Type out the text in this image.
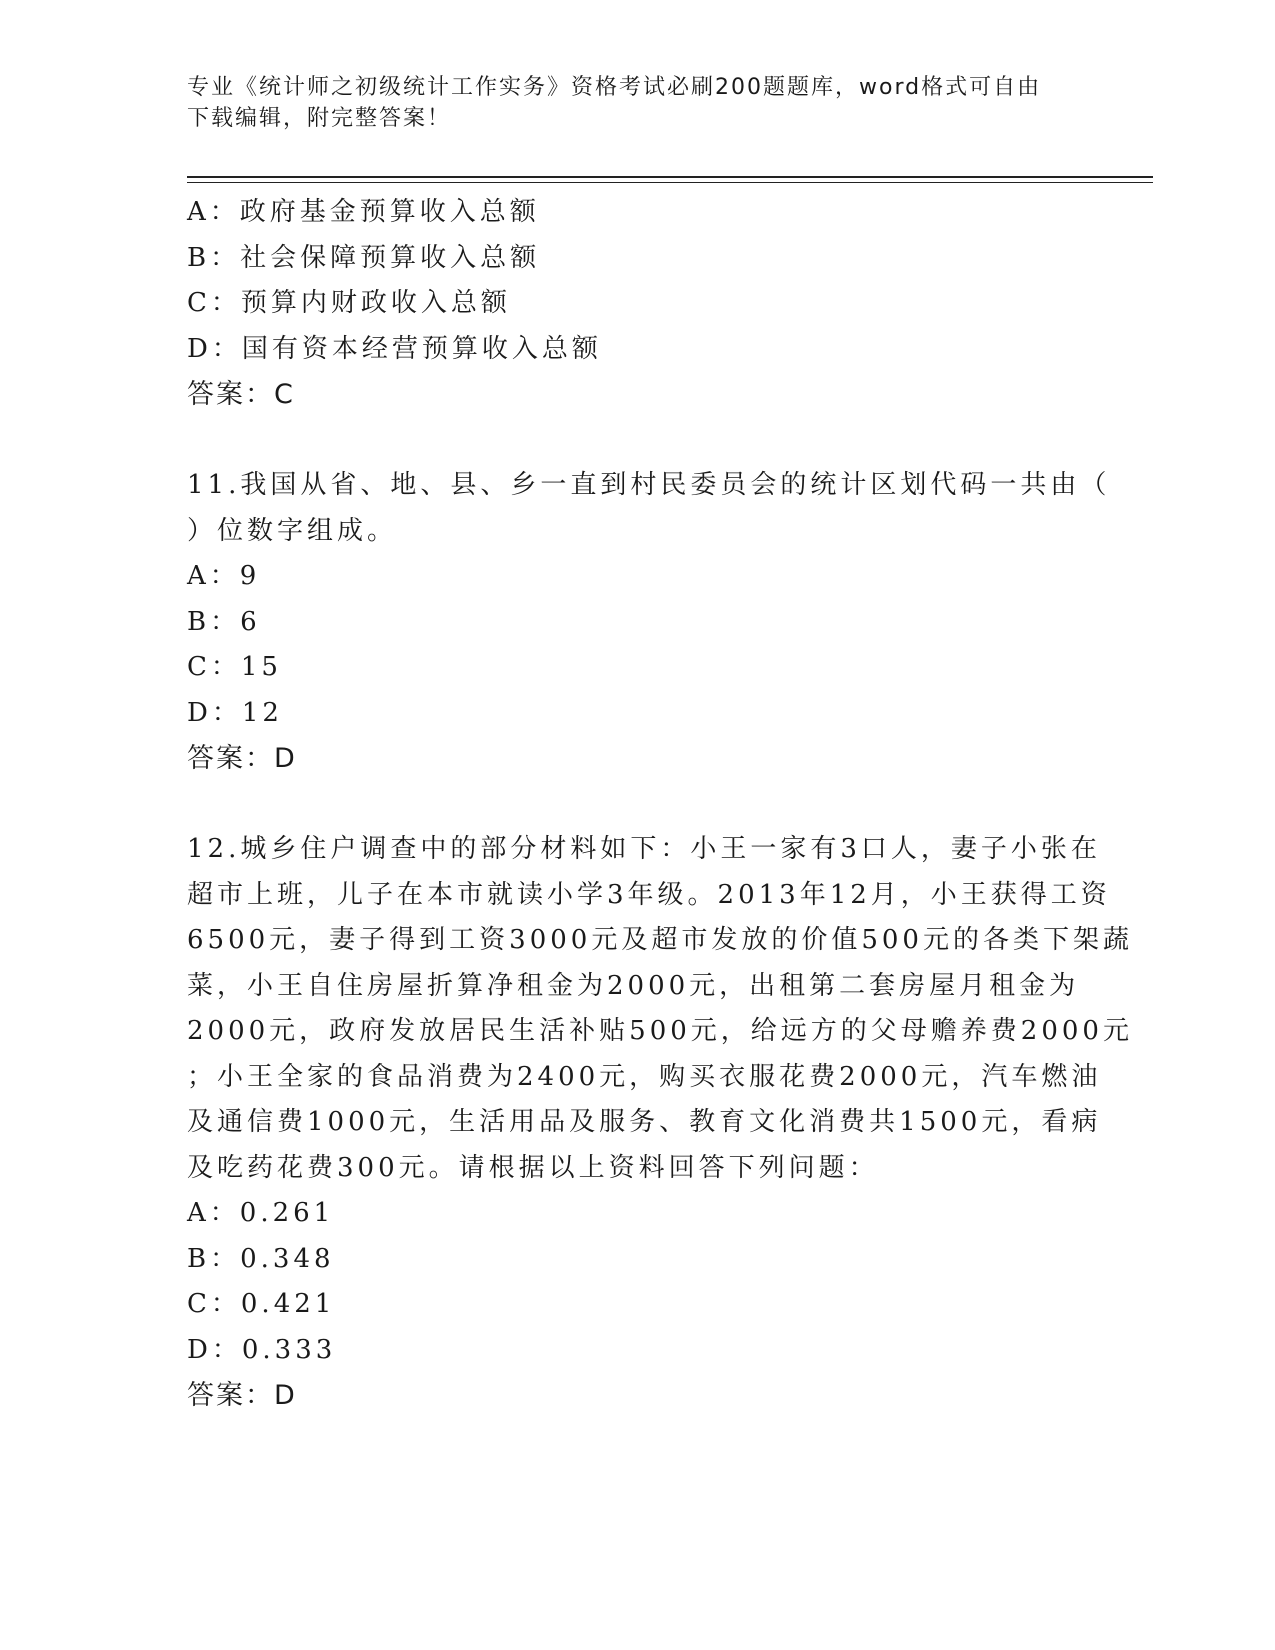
专业《统计师之初级统计工作实务》资格考试必刷200题题库，word格式可自由
下载编辑，附完整答案！
A：政府基金预算收入总额
B：社会保障预算收入总额
C：预算内财政收入总额
D：国有资本经营预算收入总额
答案：C
11.我国从省、地、县、乡一直到村民委员会的统计区划代码一共由（
）位数字组成。
A：9
B：6
C：15
D：12
答案：D
12.城乡住户调查中的部分材料如下：小王一家有3口人，妻子小张在
超市上班，儿子在本市就读小学3年级。2013年12月，小王获得工资
6500元，妻子得到工资3000元及超市发放的价值500元的各类下架蔬
菜，小王自住房屋折算净租金为2000元，出租第二套房屋月租金为
2000元，政府发放居民生活补贴500元，给远方的父母赡养费2000元
；小王全家的食品消费为2400元，购买衣服花费2000元，汽车燃油
及通信费1000元，生活用品及服务、教育文化消费共1500元，看病
及吃药花费300元。请根据以上资料回答下列问题：
A：0.261
B：0.348
C：0.421
D：0.333
答案：D
